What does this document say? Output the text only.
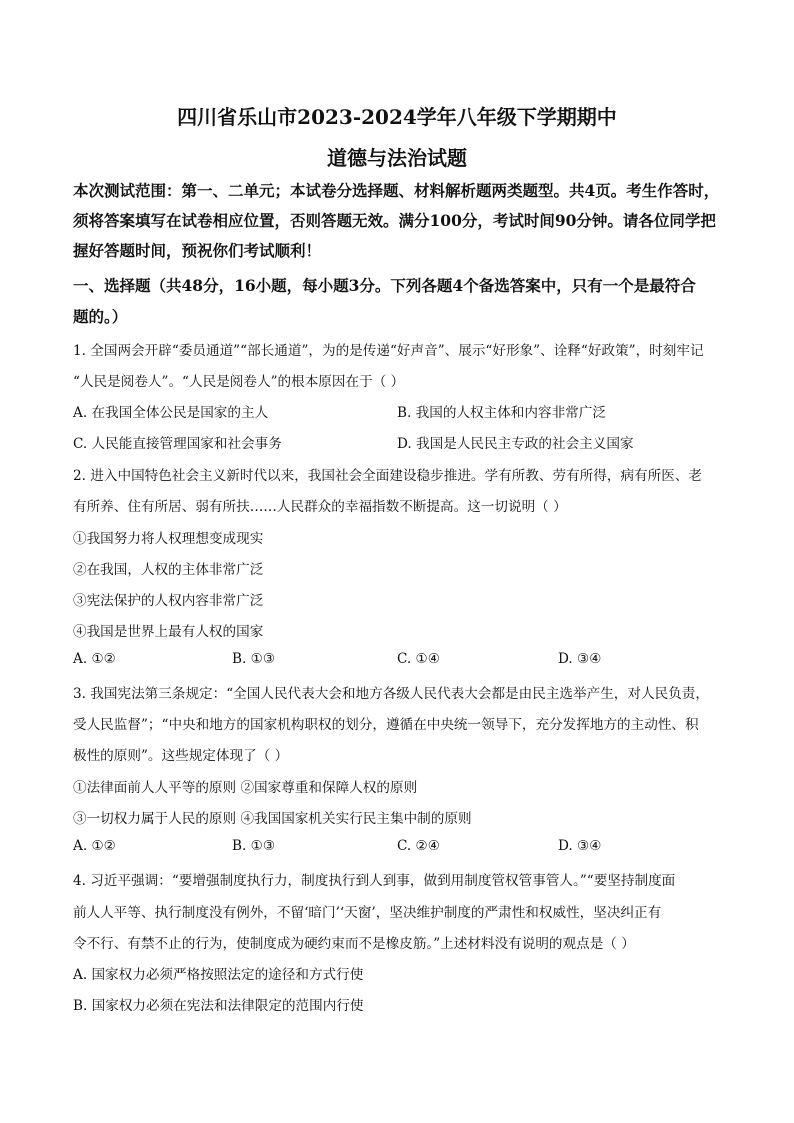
四川省乐山市2023-2024学年八年级下学期期中
道德与法治试题
本次测试范围：第一、二单元；本试卷分选择题、材料解析题两类题型。共4页。考生作答时，须将答案填写在试卷相应位置，否则答题无效。满分100分，考试时间90分钟。请各位同学把握好答题时间，预祝你们考试顺利！
一、选择题（共48分，16小题，每小题3分。下列各题4个备选答案中，只有一个是最符合
题的。）
1. 全国两会开辟“委员通道”“部长通道”，为的是传递“好声音”、展示“好形象”、诠释“好政策”，时刻牢记
“人民是阅卷人”。“人民是阅卷人”的根本原因在于（ ）
A. 在我国全体公民是国家的主人	B. 我国的人权主体和内容非常广泛
C. 人民能直接管理国家和社会事务	D. 我国是人民民主专政的社会主义国家
2. 进入中国特色社会主义新时代以来，我国社会全面建设稳步推进。学有所教、劳有所得，病有所医、老
有所养、住有所居、弱有所扶……人民群众的幸福指数不断提高。这一切说明（ ）
①我国努力将人权理想变成现实
②在我国，人权的主体非常广泛
③宪法保护的人权内容非常广泛
④我国是世界上最有人权的国家
A. ①②	B. ①③	C. ①④	D. ③④
3. 我国宪法第三条规定：“全国人民代表大会和地方各级人民代表大会都是由民主选举产生，对人民负责，
受人民监督”；“中央和地方的国家机构职权的划分，遵循在中央统一领导下，充分发挥地方的主动性、积
极性的原则”。这些规定体现了（ ）
①法律面前人人平等的原则 ②国家尊重和保障人权的原则
③一切权力属于人民的原则 ④我国国家机关实行民主集中制的原则
A. ①②	B. ①③	C. ②④	D. ③④
4. 习近平强调：“要增强制度执行力，制度执行到人到事，做到用制度管权管事管人。”“要坚持制度面
前人人平等、执行制度没有例外，不留‘暗门’‘天窗’，坚决维护制度的严肃性和权威性，坚决纠正有
令不行、有禁不止的行为，使制度成为硬约束而不是橡皮筋。”上述材料没有说明的观点是（ ）
A. 国家权力必须严格按照法定的途径和方式行使
B. 国家权力必须在宪法和法律限定的范围内行使
